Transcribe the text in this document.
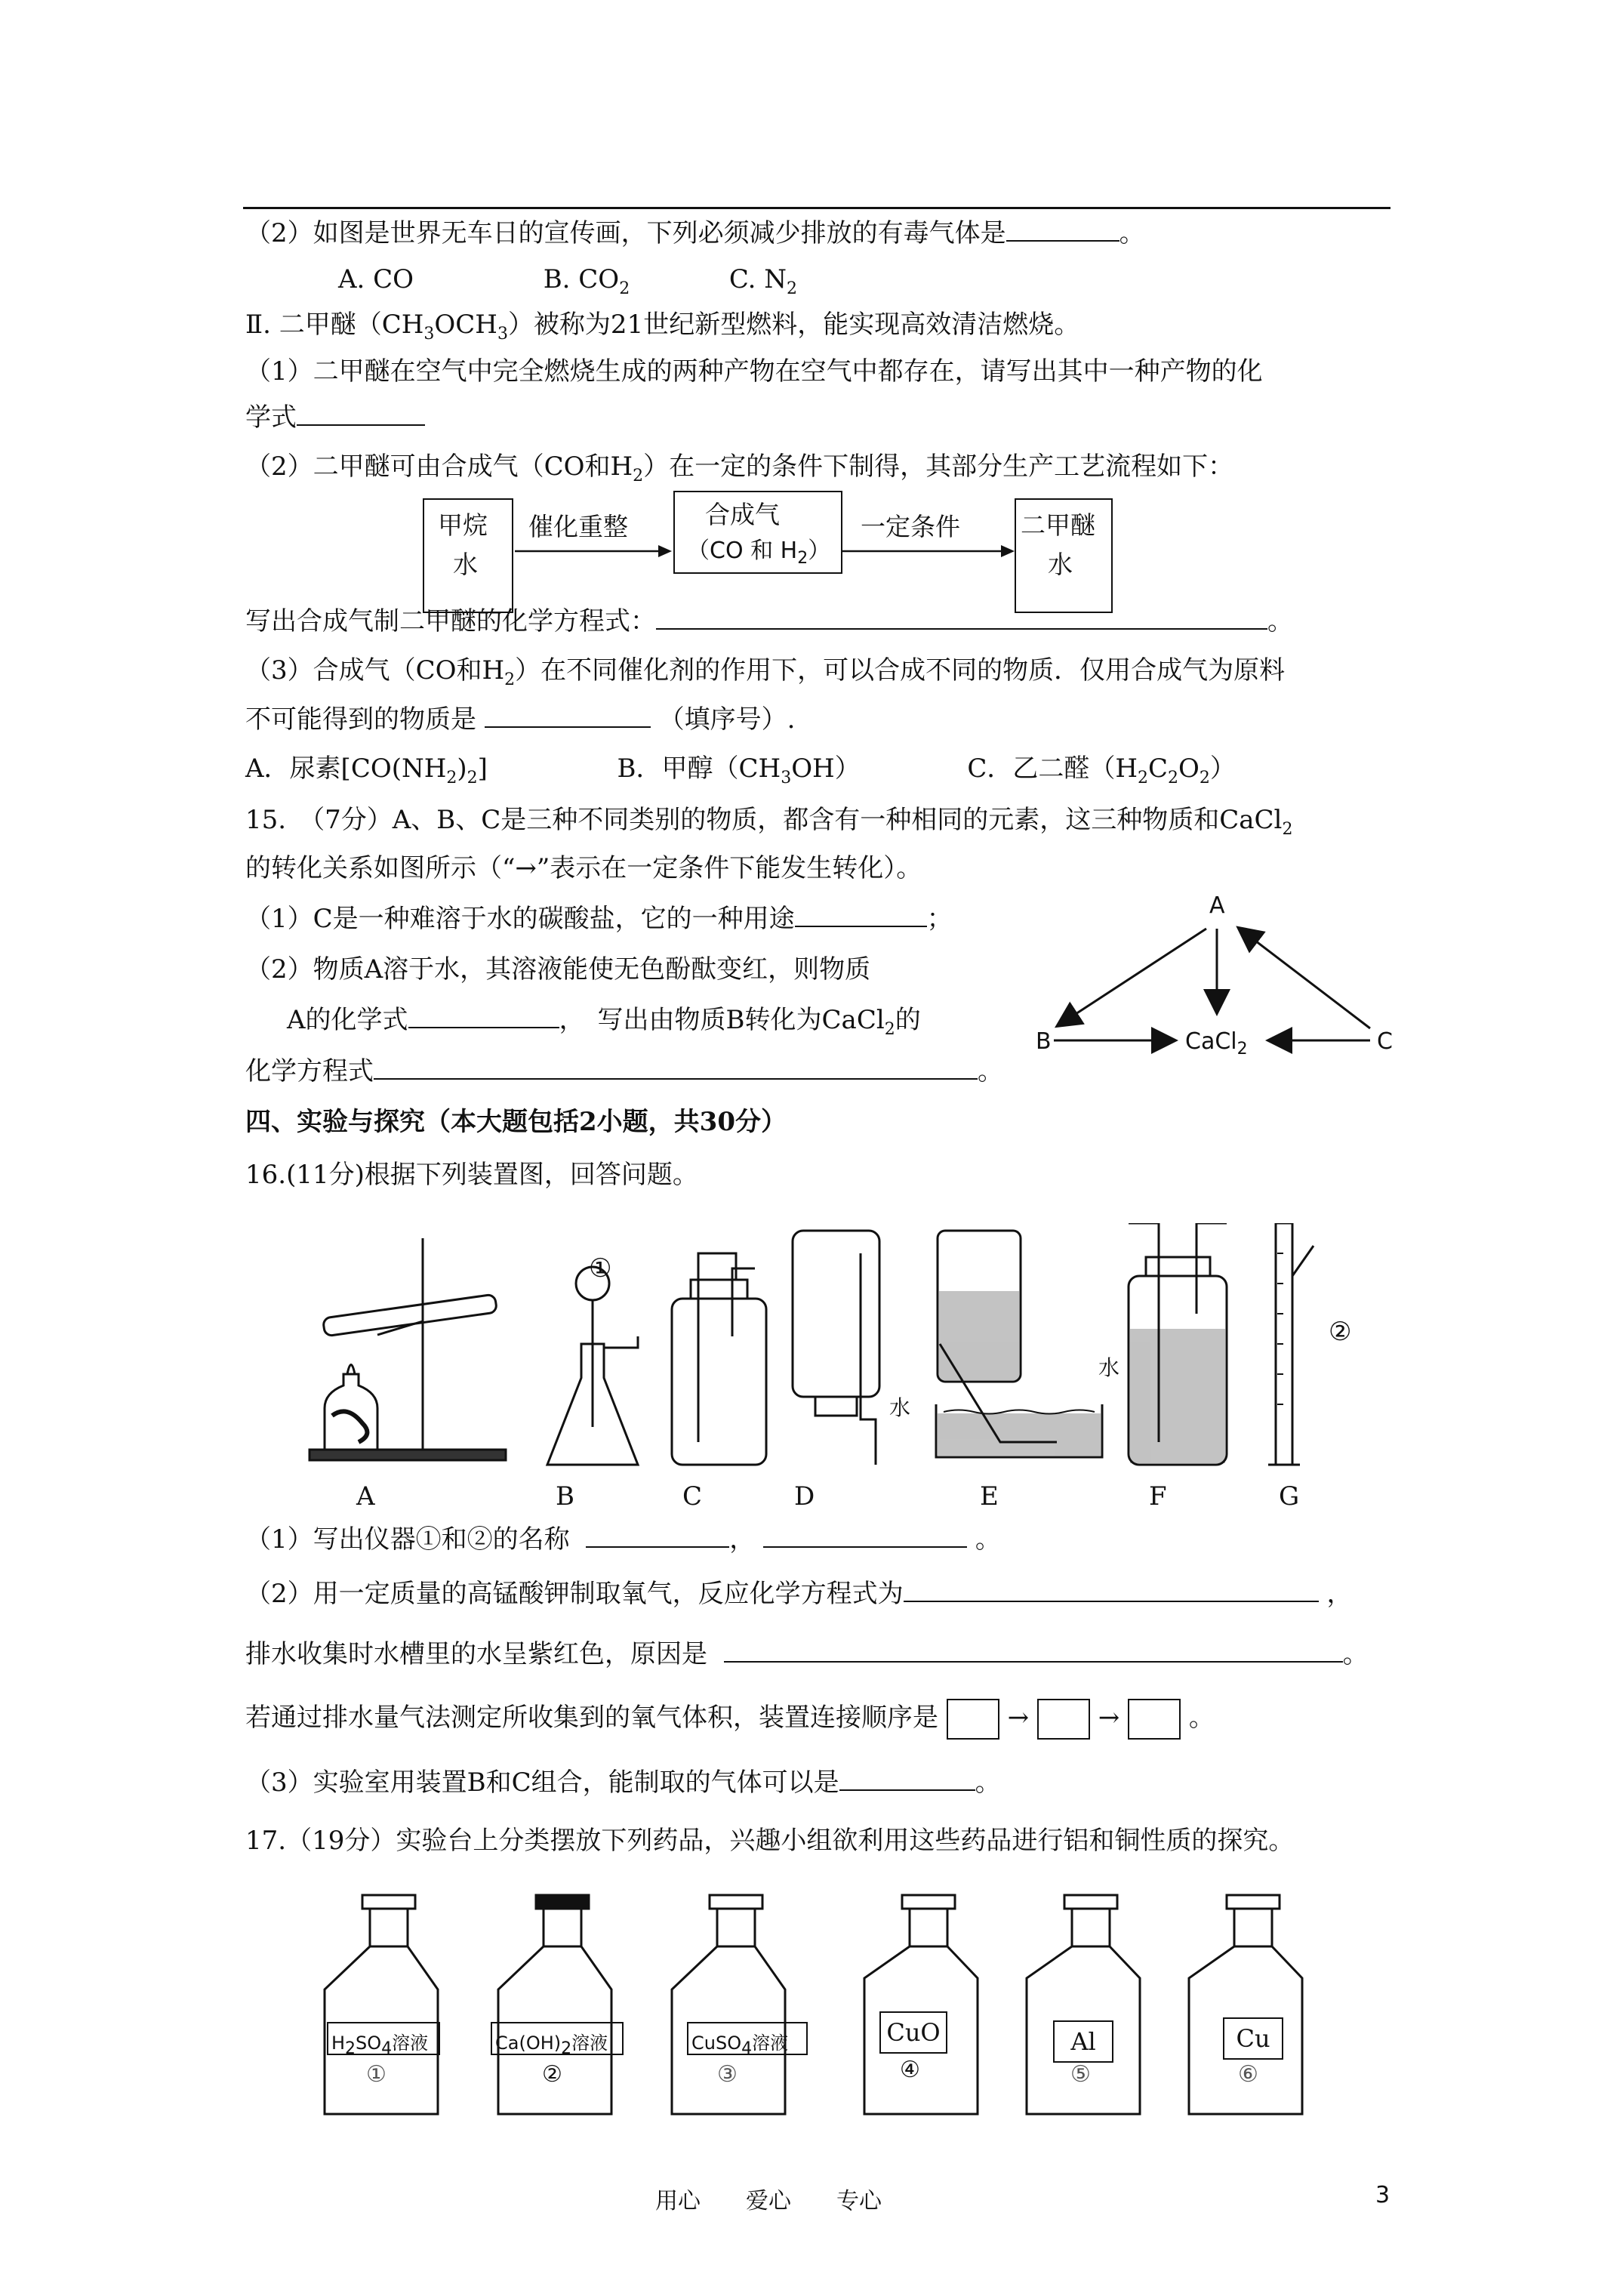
（2）如图是世界无车日的宣传画，下列必须减少排放的有毒气体是	。
A. CO	B. $CO_2$	C. $N_2$
Ⅱ. 二甲醚$(CH_3OCH_3)$被称为21世纪新型燃料，能实现高效清洁燃烧。
（1）二甲醚在空气中完全燃烧生成的两种产物在空气中都存在，请写出其中一种产物的化
学式
（2）二甲醚可由合成气（CO和$H_2$）在一定的条件下制得，其部分生产工艺流程如下：
甲烷
水
催化重整	合成气
（CO 和 $H_2$）
一定条件 二甲醚
水
写出合成气制二甲醚的化学方程式：	。
（3）合成气（CO和$H_2$）在不同催化剂的作用下，可以合成不同的物质．仅用合成气为原料
不可能得到的物质是	（填序号）.
A．尿素$[CO(NH_2)_2]$	B．甲醇$(CH_3OH)$	C．乙二醛$(H_2C_2O_2)$
15.　（7分）A、B、C是三种不同类别的物质，都含有一种相同的元素，这三种物质和CaCl$_2$
的转化关系如图所示（“→”表示在一定条件下能发生转化）。
（1）C是一种难溶于水的碳酸盐，它的一种用途	；
（2）物质A溶于水，其溶液能使无色酚酞变红，则物质
A的化学式	，　写出由物质B转化为CaCl$_2$的
化学方程式	。
A
B	C
CaCl$_2$
四、实验与探究（本大题包括2小题，共30分）
16.(11分)根据下列装置图，回答问题。
①
②
水
水
A	B	C	D	E	F	G
（1）写出仪器①和②的名称	，	。
（2）用一定质量的高锰酸钾制取氧气，反应化学方程式为	，
排水收集时水槽里的水呈紫红色，原因是	。
若通过排水量气法测定所收集到的氧气体积，装置连接顺序是	→	→	。
（3）实验室用装置B和C组合，能制取的气体可以是	。
17.（19分）实验台上分类摆放下列药品，兴趣小组欲利用这些药品进行铝和铜性质的探究。
$H_2SO_4$溶液	$Ca(OH)_2$溶液	CuSO$_4$溶液	CuO	Al	Cu
①	②	③	④	⑤	⑥
用心　　爱心　　专心	3
